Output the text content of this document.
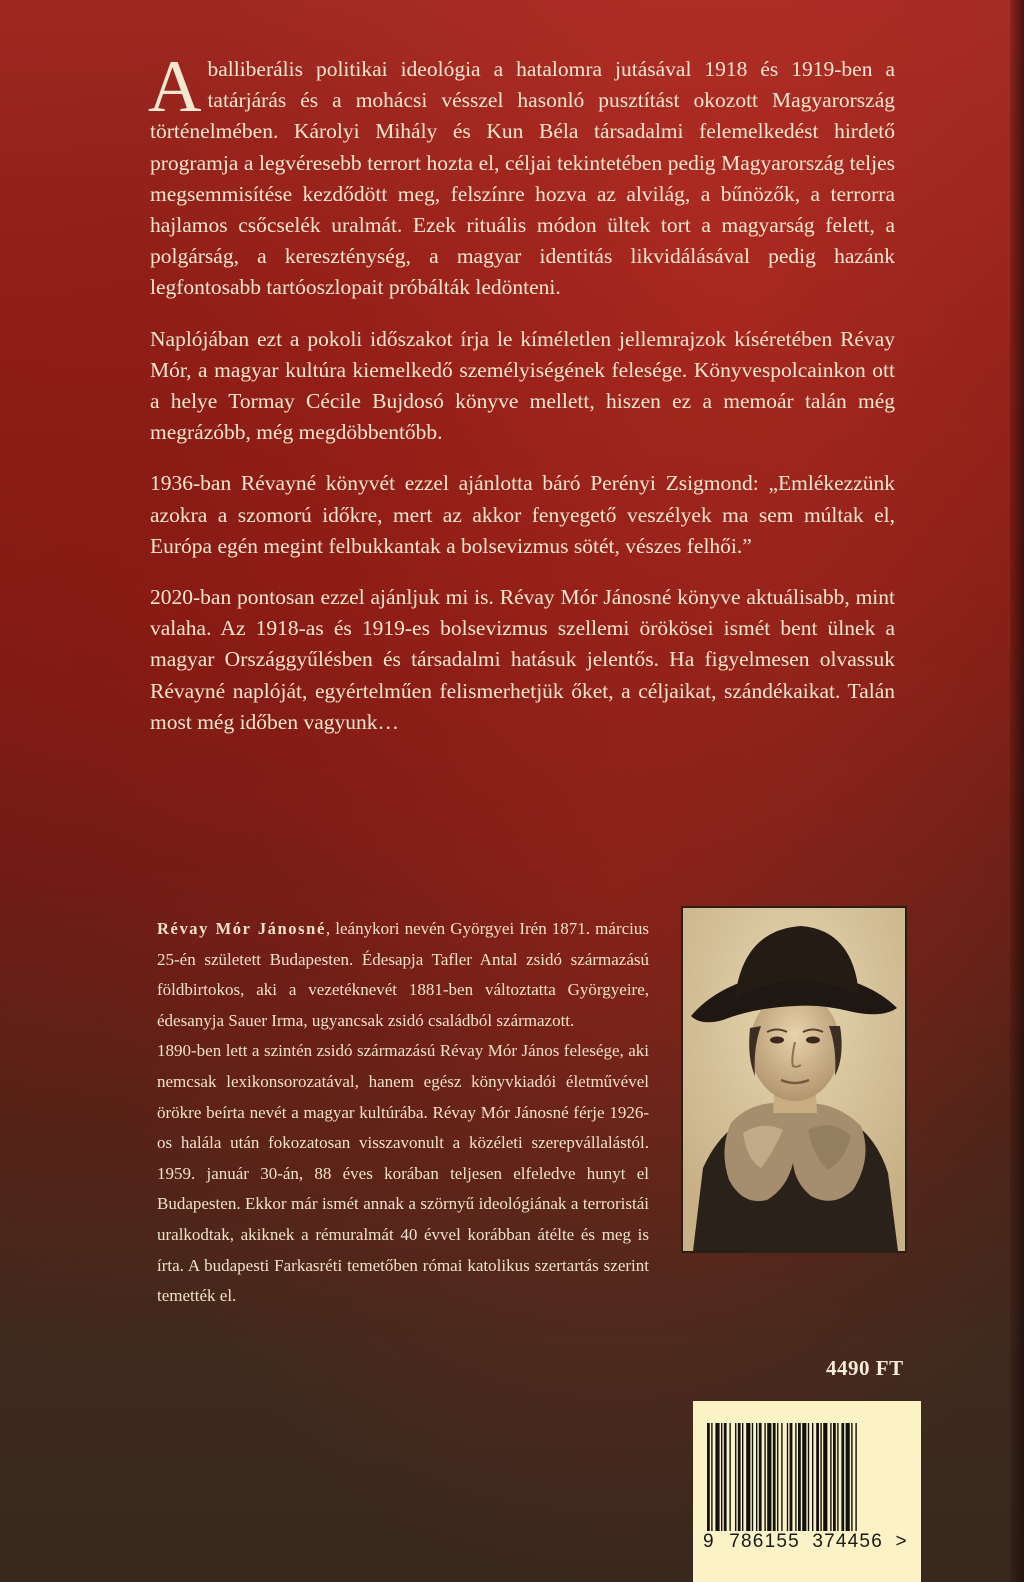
Aballiberális politikai ideológia a hatalomra jutásával 1918 és 1919-ben a tatárjárás és a mohácsi vésszel hasonló pusztítást okozott Magyarország történelmében. Károlyi Mihály és Kun Béla társadalmi felemelkedést hirdető programja a legvéresebb terrort hozta el, céljai tekintetében pedig Magyarország teljes megsemmisítése kezdődött meg, felszínre hozva az alvilág, a bűnözők, a terrorra hajlamos csőcselék uralmát. Ezek rituális módon ültek tort a magyarság felett, a polgárság, a kereszténység, a magyar identitás likvidálásával pedig hazánk legfontosabb tartóoszlopait próbálták ledönteni.

Naplójában ezt a pokoli időszakot írja le kíméletlen jellemrajzok kíséretében Révay Mór, a magyar kultúra kiemelkedő személyiségének felesége. Könyvespolcainkon ott a helye Tormay Cécile Bujdosó könyve mellett, hiszen ez a memoár talán még megrázóbb, még megdöbbentőbb.

1936-ban Révayné könyvét ezzel ajánlotta báró Perényi Zsigmond: „Emlékezzünk azokra a szomorú időkre, mert az akkor fenyegető veszélyek ma sem múltak el, Európa egén megint felbukkantak a bolsevizmus sötét, vészes felhői.”

2020-ban pontosan ezzel ajánljuk mi is. Révay Mór Jánosné könyve aktuálisabb, mint valaha. Az 1918-as és 1919-es bolsevizmus szellemi örökösei ismét bent ülnek a magyar Országgyűlésben és társadalmi hatásuk jelentős. Ha figyelmesen olvassuk Révayné naplóját, egyértelműen felismerhetjük őket, a céljaikat, szándékaikat. Talán most még időben vagyunk…

Révay Mór Jánosné, leánykori nevén Györgyei Irén 1871. március 25-én született Budapesten. Édesapja Tafler Antal zsidó származású földbirtokos, aki a vezetéknevét 1881-ben változtatta Györgyeire, édesanyja Sauer Irma, ugyancsak zsidó családból származott.

1890-ben lett a szintén zsidó származású Révay Mór János felesége, aki nemcsak lexikonsorozatával, hanem egész könyvkiadói életművével örökre beírta nevét a magyar kultúrába. Révay Mór Jánosné férje 1926-os halála után fokozatosan visszavonult a közéleti szerepvállalástól. 1959. január 30-án, 88 éves korában teljesen elfeledve hunyt el Budapesten. Ekkor már ismét annak a szörnyű ideológiának a terroristái uralkodtak, akiknek a rémuralmát 40 évvel korábban átélte és meg is írta. A budapesti Farkasréti temetőben római katolikus szertartás szerint temették el.

4490 FT
9 786155 374456 >
